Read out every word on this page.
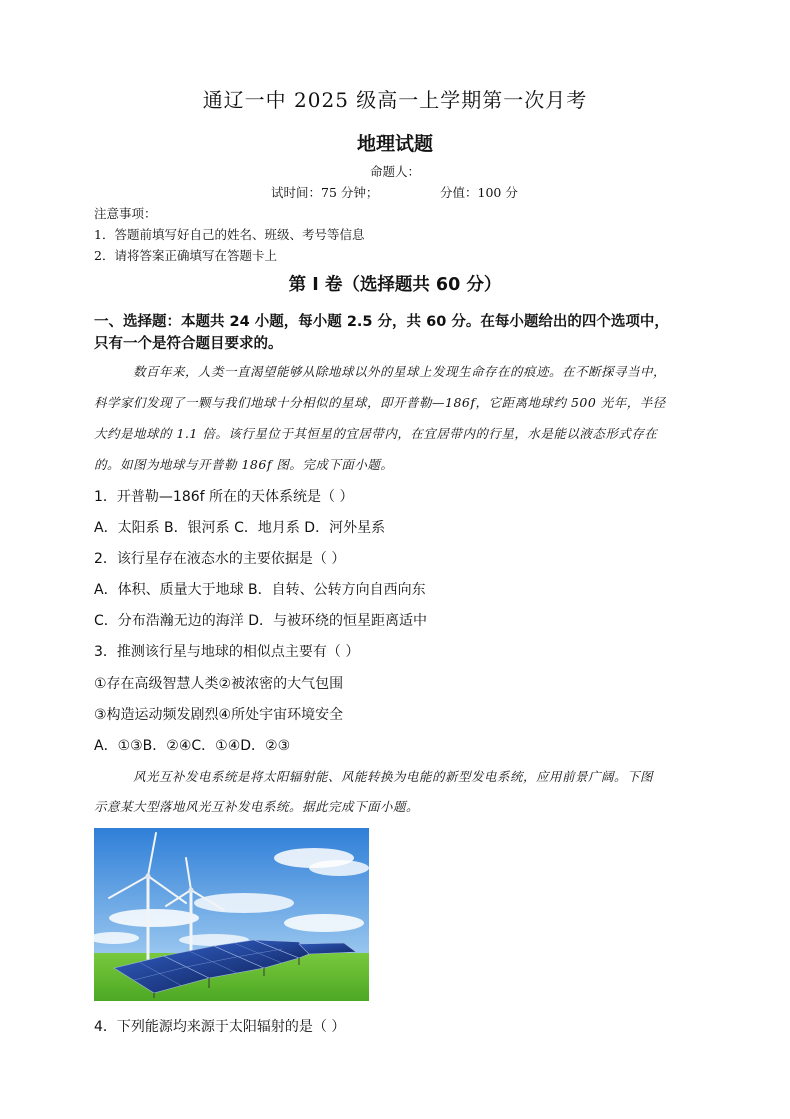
通辽一中 2025 级高一上学期第一次月考
地理试题
命题人：
试时间：75 分钟；	分值：100 分
注意事项：
1．答题前填写好自己的姓名、班级、考号等信息
2．请将答案正确填写在答题卡上
第 I 卷（选择题共 60 分）
一、选择题：本题共 24 小题，每小题 2.5 分，共 60 分。在每小题给出的四个选项中，
只有一个是符合题目要求的。
数百年来，人类一直渴望能够从除地球以外的星球上发现生命存在的痕迹。在不断探寻当中，
科学家们发现了一颗与我们地球十分相似的星球，即开普勒—186f，它距离地球约 500 光年，半径
大约是地球的 1.1 倍。该行星位于其恒星的宜居带内，在宜居带内的行星，水是能以液态形式存在
的。如图为地球与开普勒 186f 图。完成下面小题。
1．开普勒—186f 所在的天体系统是（ ）
A．太阳系 B．银河系 C．地月系 D．河外星系
2．该行星存在液态水的主要依据是（ ）
A．体积、质量大于地球 B．自转、公转方向自西向东
C．分布浩瀚无边的海洋 D．与被环绕的恒星距离适中
3．推测该行星与地球的相似点主要有（ ）
①存在高级智慧人类②被浓密的大气包围
③构造运动频发剧烈④所处宇宙环境安全
A．①③B．②④C．①④D．②③
风光互补发电系统是将太阳辐射能、风能转换为电能的新型发电系统，应用前景广阔。下图
示意某大型落地风光互补发电系统。据此完成下面小题。
4．下列能源均来源于太阳辐射的是（ ）
